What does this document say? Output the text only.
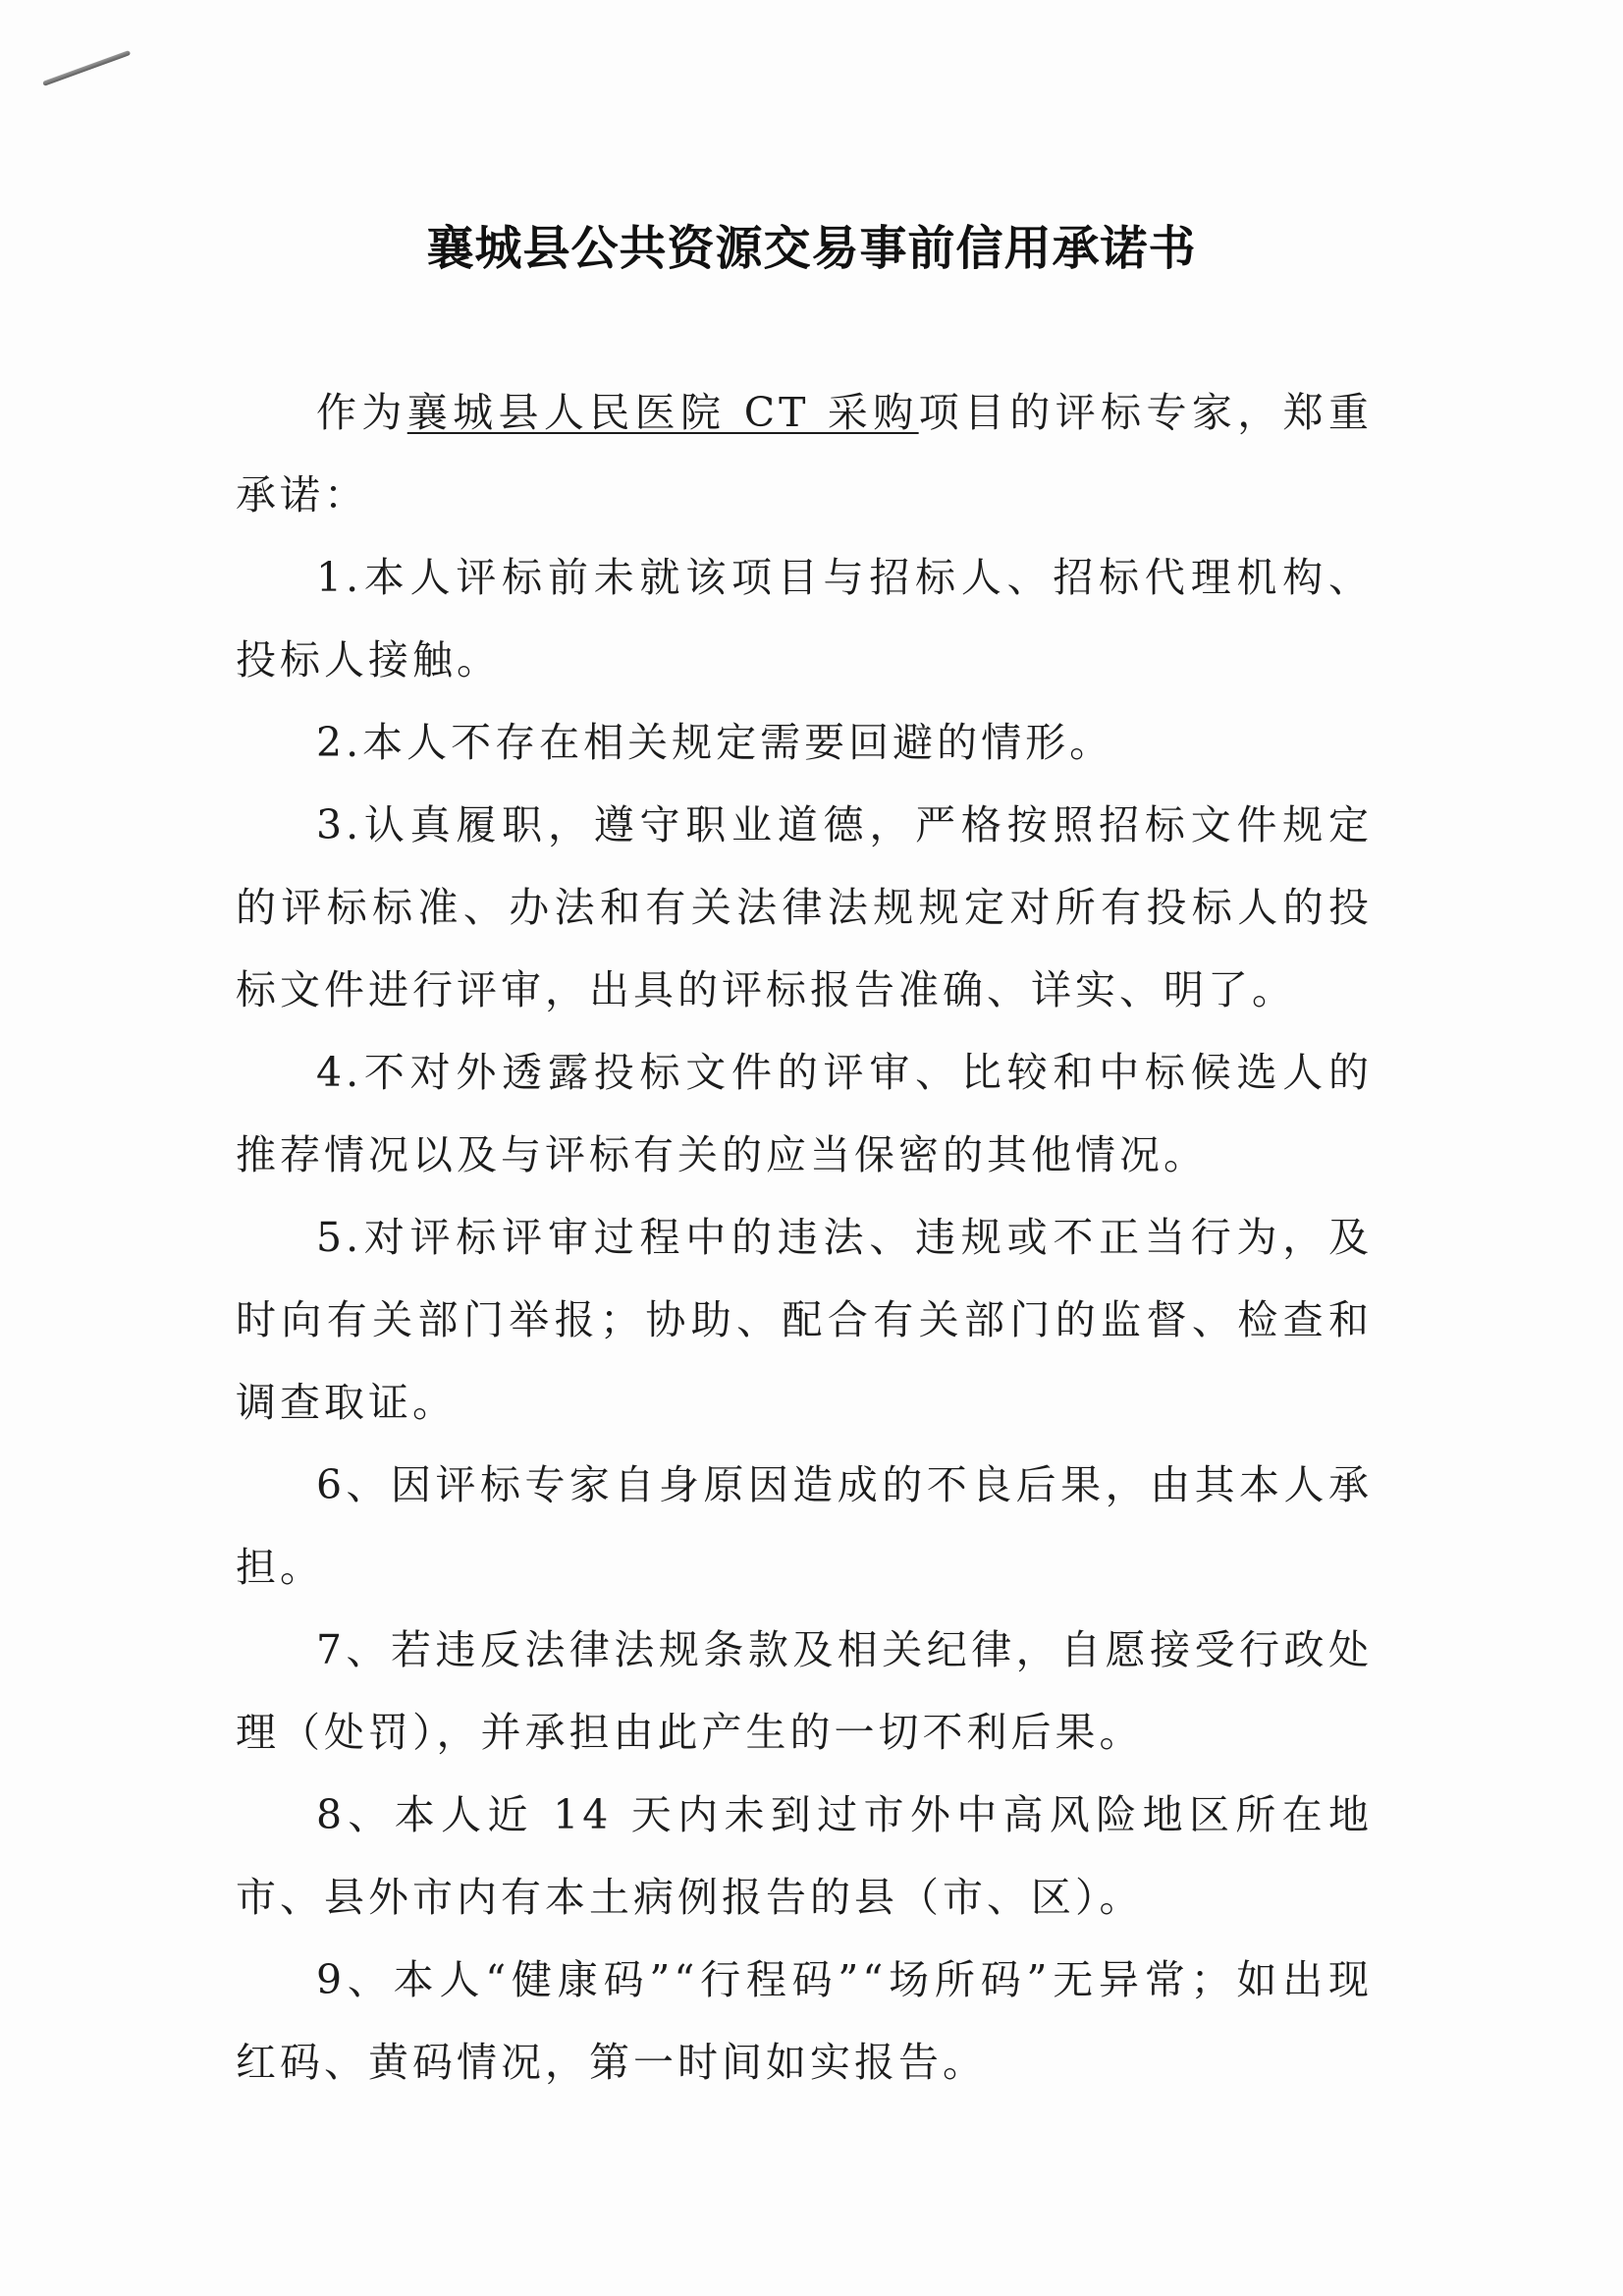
襄城县公共资源交易事前信用承诺书

作为襄城县人民医院 CT 采购项目的评标专家，郑重承诺：

1.本人评标前未就该项目与招标人、招标代理机构、投标人接触。

2.本人不存在相关规定需要回避的情形。

3.认真履职，遵守职业道德，严格按照招标文件规定的评标标准、办法和有关法律法规规定对所有投标人的投标文件进行评审，出具的评标报告准确、详实、明了。

4.不对外透露投标文件的评审、比较和中标候选人的推荐情况以及与评标有关的应当保密的其他情况。

5.对评标评审过程中的违法、违规或不正当行为，及时向有关部门举报；协助、配合有关部门的监督、检查和调查取证。

6、因评标专家自身原因造成的不良后果，由其本人承担。

7、若违反法律法规条款及相关纪律，自愿接受行政处理（处罚），并承担由此产生的一切不利后果。

8、本人近 14 天内未到过市外中高风险地区所在地市、县外市内有本土病例报告的县（市、区）。

9、本人“健康码”“行程码”“场所码”无异常；如出现红码、黄码情况，第一时间如实报告。
